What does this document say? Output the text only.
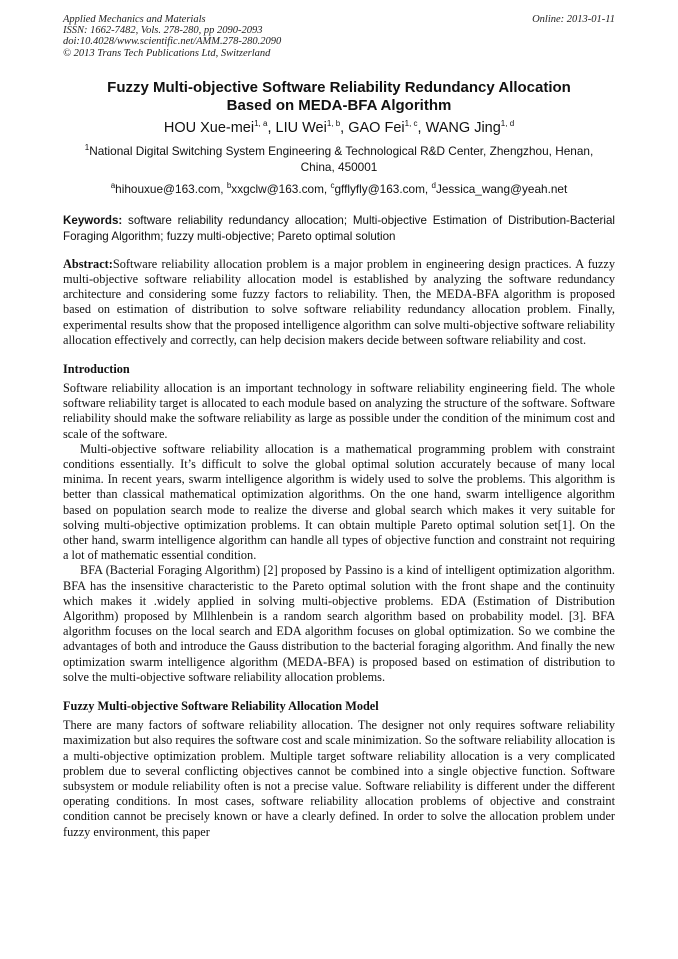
Applied Mechanics and Materials
ISSN: 1662-7482, Vols. 278-280, pp 2090-2093
doi:10.4028/www.scientific.net/AMM.278-280.2090
© 2013 Trans Tech Publications Ltd, Switzerland
Online: 2013-01-11
Fuzzy Multi-objective Software Reliability Redundancy Allocation
Based on MEDA-BFA Algorithm
HOU Xue-mei$^{1, a}$, LIU Wei$^{1, b}$, GAO Fei$^{1, c}$, WANG Jing$^{1, d}$
$^1$National Digital Switching System Engineering & Technological R&D Center, Zhengzhou, Henan,
China, 450001
$^a$hihouxue@163.com, $^b$xxgclw@163.com, $^c$gfflyfly@163.com, $^d$Jessica_wang@yeah.net
Keywords: software reliability redundancy allocation; Multi-objective Estimation of Distribution-Bacterial Foraging Algorithm; fuzzy multi-objective; Pareto optimal solution
Abstract:Software reliability allocation problem is a major problem in engineering design practices. A fuzzy multi-objective software reliability allocation model is established by analyzing the software redundancy architecture and considering some fuzzy factors to reliability. Then, the MEDA-BFA algorithm is proposed based on estimation of distribution to solve software reliability redundancy allocation problem. Finally, experimental results show that the proposed intelligence algorithm can solve multi-objective software reliability allocation effectively and correctly, can help decision makers decide between software reliability and cost.
Introduction

Software reliability allocation is an important technology in software reliability engineering field. The whole software reliability target is allocated to each module based on analyzing the structure of the software. Software reliability should make the software reliability as large as possible under the condition of the minimum cost and scale of the software.

Multi-objective software reliability allocation is a mathematical programming problem with constraint conditions essentially. It’s difficult to solve the global optimal solution accurately because of many local minima. In recent years, swarm intelligence algorithm is widely used to solve the problems. This algorithm is better than classical mathematical optimization algorithms. On the one hand, swarm intelligence algorithm based on population search mode to realize the diverse and global search which makes it very suitable for solving multi-objective optimization problems. It can obtain multiple Pareto optimal solution set[1]. On the other hand, swarm intelligence algorithm can handle all types of objective function and constraint not requiring a lot of mathematic essential condition.

BFA (Bacterial Foraging Algorithm) [2] proposed by Passino is a kind of intelligent optimization algorithm. BFA has the insensitive characteristic to the Pareto optimal solution with the front shape and the continuity which makes it .widely applied in solving multi-objective problems. EDA (Estimation of Distribution Algorithm) proposed by Mllhlenbein is a random search algorithm based on probability model. [3]. BFA algorithm focuses on the local search and EDA algorithm focuses on global optimization. So we combine the advantages of both and introduce the Gauss distribution to the bacterial foraging algorithm. And finally the new optimization swarm intelligence algorithm (MEDA-BFA) is proposed based on estimation of distribution to solve the multi-objective software reliability allocation problems.

Fuzzy Multi-objective Software Reliability Allocation Model

There are many factors of software reliability allocation. The designer not only requires software reliability maximization but also requires the software cost and scale minimization. So the software reliability allocation is a multi-objective optimization problem. Multiple target software reliability allocation is a very complicated problem due to several conflicting objectives cannot be combined into a single objective function. Software subsystem or module reliability often is not a precise value. Software reliability is different under the different operating conditions. In most cases, software reliability allocation problems of objective and constraint condition cannot be precisely known or have a clearly defined. In order to solve the allocation problem under fuzzy environment, this paper
